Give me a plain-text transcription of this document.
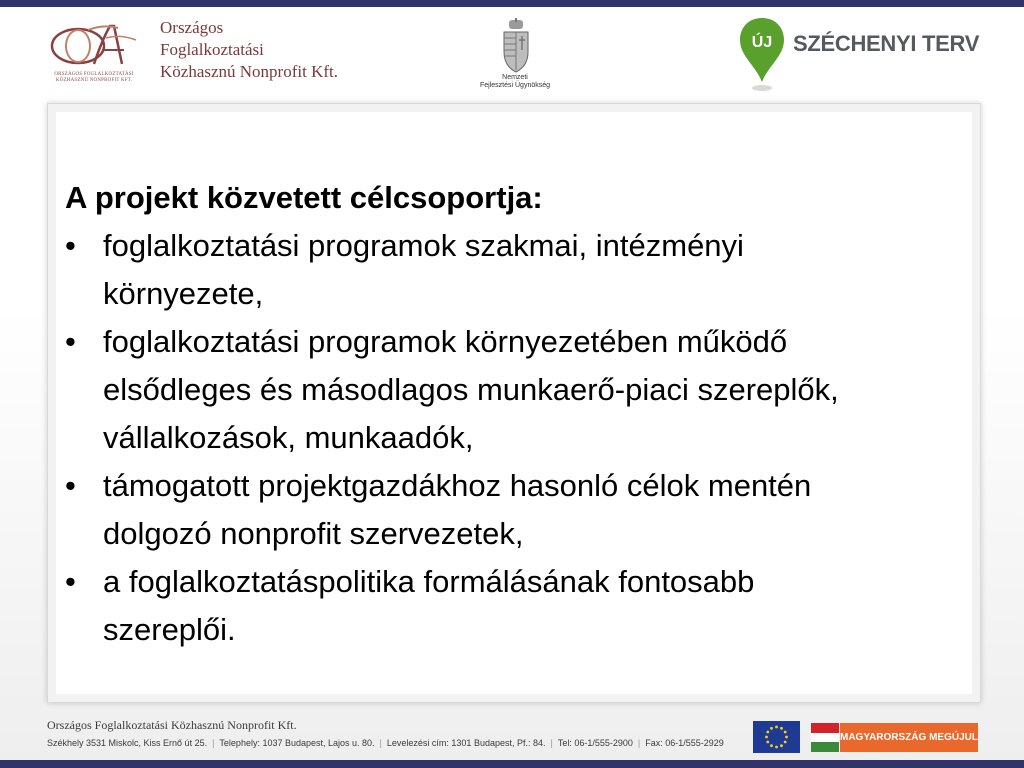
ORSZÁGOS FOGLALKOZTATÁSI KÖZHASZNÚ NONPROFIT KFT.
Országos
Foglalkoztatási
Közhasznú Nonprofit Kft.	Nemzeti
Fejlesztési Ügynökség
ÚJ SZÉCHENYI TERV
A projekt közvetett célcsoportja:
• foglalkoztatási programok szakmai, intézményi
környezete,
• foglalkoztatási programok környezetében működő
elsődleges és másodlagos munkaerő-piaci szereplők,
vállalkozások, munkaadók,
• támogatott projektgazdákhoz hasonló célok mentén
dolgozó nonprofit szervezetek,
• a foglalkoztatáspolitika formálásának fontosabb
szereplői.
Országos Foglalkoztatási Közhasznú Nonprofit Kft.
Székhely 3531 Miskolc, Kiss Ernő út 25. | Telephely: 1037 Budapest, Lajos u. 80. | Levelezési cím: 1301 Budapest, Pf.: 84. | Tel: 06-1/555-2900 | Fax: 06-1/555-2929	MAGYARORSZÁG MEGÚJUL
